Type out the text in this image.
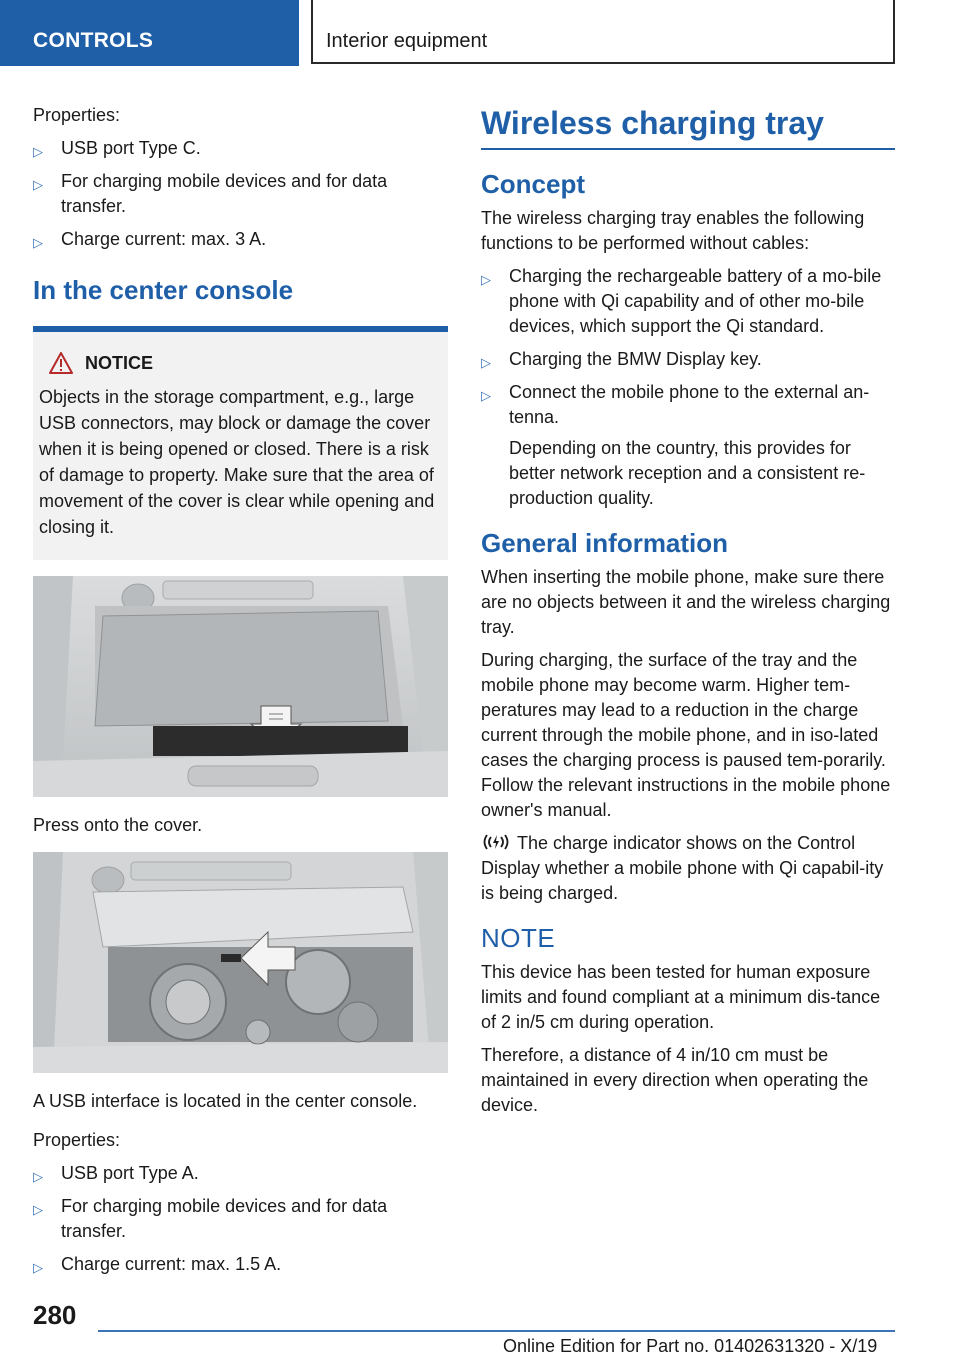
CONTROLS	Interior equipment

Properties:

▷ USB port Type C.
▷ For charging mobile devices and for data transfer.
▷ Charge current: max. 3 A.
In the center console
NOTICE
Objects in the storage compartment, e.g., large USB connectors, may block or damage the cover when it is being opened or closed. There is a risk of damage to property. Make sure that the area of movement of the cover is clear while opening and closing it.

Press onto the cover.

A USB interface is located in the center console.

Properties:

▷ USB port Type A.
▷ For charging mobile devices and for data transfer.
▷ Charge current: max. 1.5 A.
Wireless charging tray
Concept

The wireless charging tray enables the following functions to be performed without cables:

▷ Charging the rechargeable battery of a mo-bile phone with Qi capability and of other mo-bile devices, which support the Qi standard.
▷ Charging the BMW Display key.
▷ Connect the mobile phone to the external an-tenna.

Depending on the country, this provides for better network reception and a consistent re-production quality.

General information

When inserting the mobile phone, make sure there are no objects between it and the wireless charging tray.

During charging, the surface of the tray and the mobile phone may become warm. Higher tem-peratures may lead to a reduction in the charge current through the mobile phone, and in iso-lated cases the charging process is paused tem-porarily. Follow the relevant instructions in the mobile phone owner's manual.

The charge indicator shows on the Control Display whether a mobile phone with Qi capabil-ity is being charged.

NOTE

This device has been tested for human exposure limits and found compliant at a minimum dis-tance of 2 in/5 cm during operation.

Therefore, a distance of 4 in/10 cm must be maintained in every direction when operating the device.

280
Online Edition for Part no. 01402631320 - X/19
